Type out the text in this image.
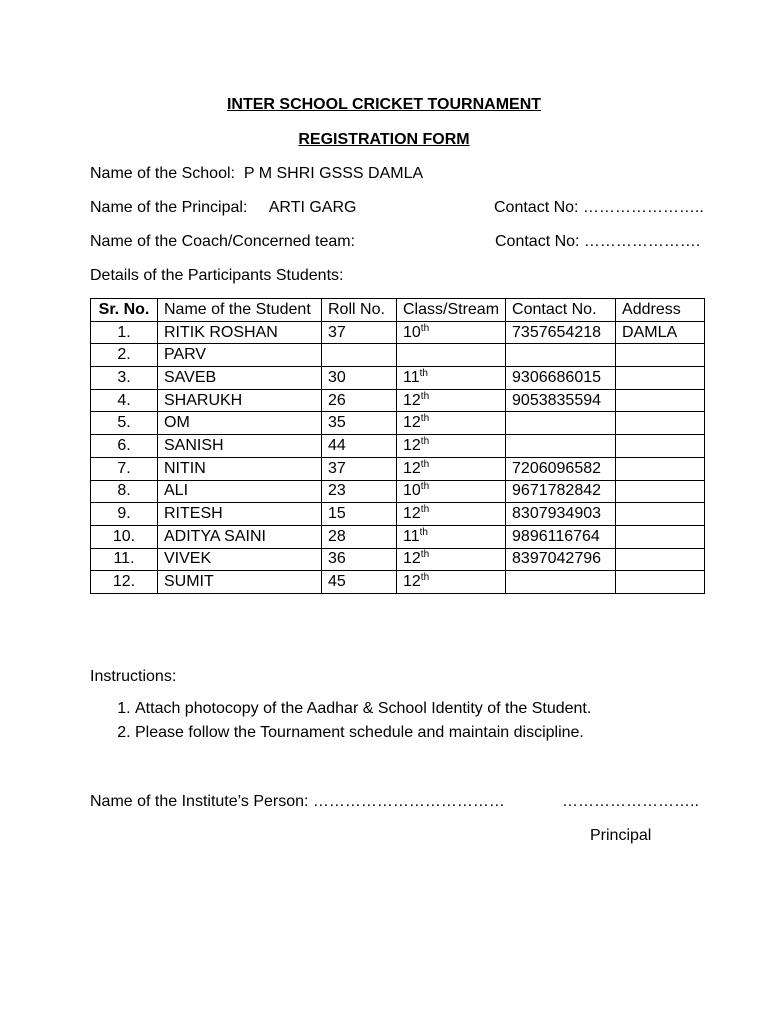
INTER SCHOOL CRICKET TOURNAMENT
REGISTRATION FORM
Name of the School: P M SHRI GSSS DAMLA
Name of the Principal: ARTI GARG	Contact No: …………………..
Name of the Coach/Concerned team:	Contact No: ………………….
Details of the Participants Students:
Sr. No.	Name of the Student	Roll No.	Class/Stream	Contact No.	Address
1.	RITIK ROSHAN	37	10th	7357654218	DAMLA
2.	PARV				
3.	SAVEB	30	11th	9306686015	
4.	SHARUKH	26	12th	9053835594	
5.	OM	35	12th		
6.	SANISH	44	12th		
7.	NITIN	37	12th	7206096582	
8.	ALI	23	10th	9671782842	
9.	RITESH	15	12th	8307934903	
10.	ADITYA SAINI	28	11th	9896116764	
11.	VIVEK	36	12th	8397042796	
12.	SUMIT	45	12th		
Instructions:
1. Attach photocopy of the Aadhar & School Identity of the Student.
2. Please follow the Tournament schedule and maintain discipline.
Name of the Institute’s Person: ………………………………	……………………..
Principal
